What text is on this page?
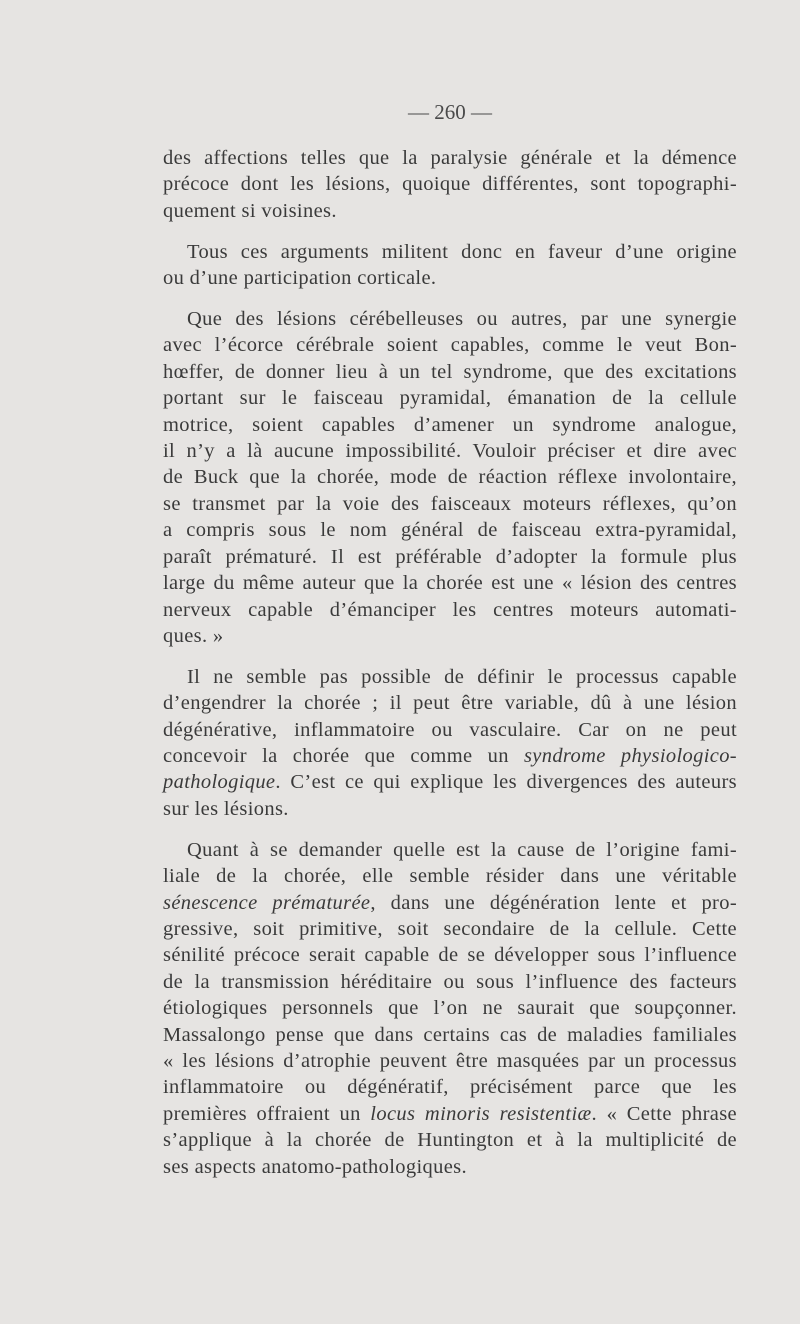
— 260 —
des affections telles que la paralysie générale et la démence
précoce dont les lésions, quoique différentes, sont topographi-
quement si voisines.
Tous ces arguments militent donc en faveur d’une origine
ou d’une participation corticale.
Que des lésions cérébelleuses ou autres, par une synergie
avec l’écorce cérébrale soient capables, comme le veut Bon-
hœffer, de donner lieu à un tel syndrome, que des excitations
portant sur le faisceau pyramidal, émanation de la cellule
motrice, soient capables d’amener un syndrome analogue,
il n’y a là aucune impossibilité. Vouloir préciser et dire avec
de Buck que la chorée, mode de réaction réflexe involontaire,
se transmet par la voie des faisceaux moteurs réflexes, qu’on
a compris sous le nom général de faisceau extra-pyramidal,
paraît prématuré. Il est préférable d’adopter la formule plus
large du même auteur que la chorée est une « lésion des centres
nerveux capable d’émanciper les centres moteurs automati-
ques. »
Il ne semble pas possible de définir le processus capable
d’engendrer la chorée ; il peut être variable, dû à une lésion
dégénérative, inflammatoire ou vasculaire. Car on ne peut
concevoir la chorée que comme un syndrome physiologico-
pathologique. C’est ce qui explique les divergences des auteurs
sur les lésions.
Quant à se demander quelle est la cause de l’origine fami-
liale de la chorée, elle semble résider dans une véritable
sénescence prématurée, dans une dégénération lente et pro-
gressive, soit primitive, soit secondaire de la cellule. Cette
sénilité précoce serait capable de se développer sous l’influence
de la transmission héréditaire ou sous l’influence des facteurs
étiologiques personnels que l’on ne saurait que soupçonner.
Massalongo pense que dans certains cas de maladies familiales
« les lésions d’atrophie peuvent être masquées par un processus
inflammatoire ou dégénératif, précisément parce que les
premières offraient un locus minoris resistentiæ. « Cette phrase
s’applique à la chorée de Huntington et à la multiplicité de
ses aspects anatomo-pathologiques.
